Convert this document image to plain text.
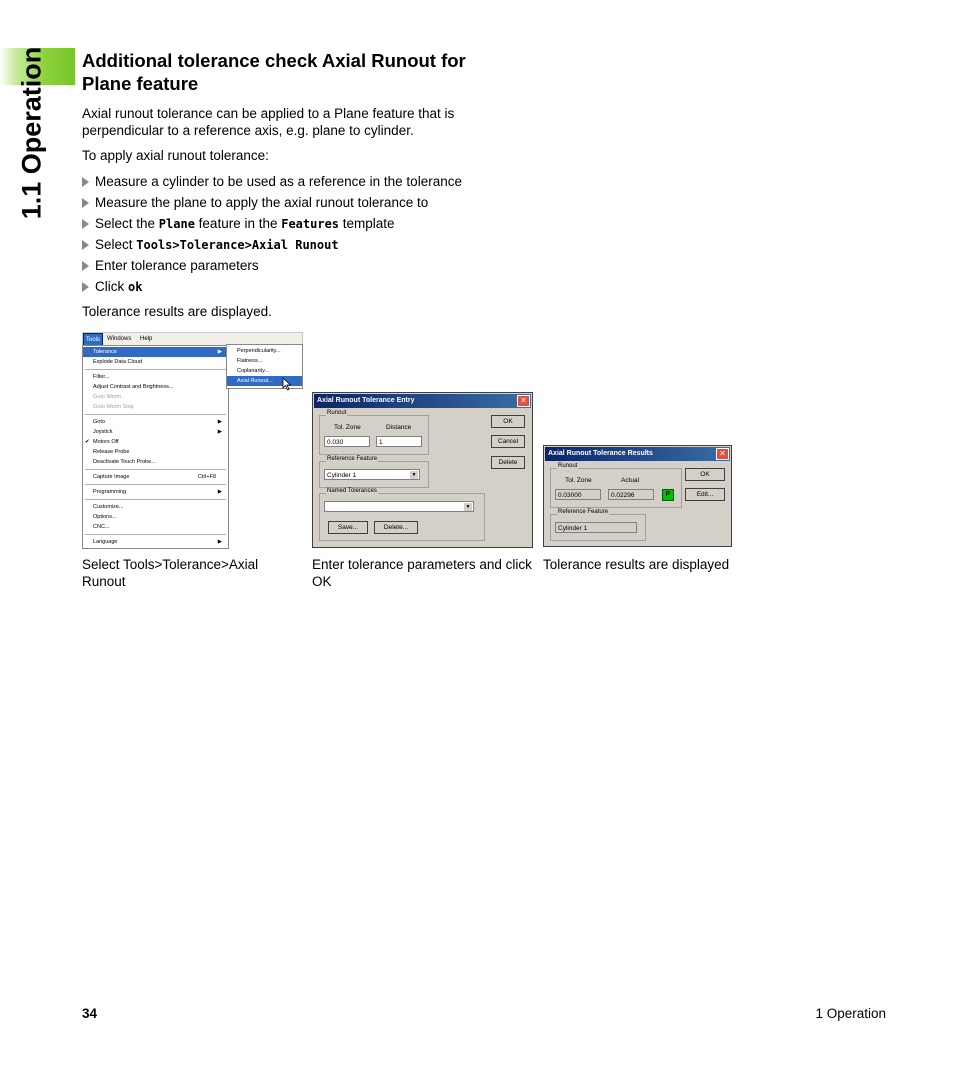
1.1 Operation Additional tolerance check Axial Runout for Plane feature
Axial runout tolerance can be applied to a Plane feature that is perpendicular to a reference axis, e.g. plane to cylinder.
To apply axial runout tolerance:
Measure a cylinder to be used as a reference in the tolerance
Measure the plane to apply the axial runout tolerance to
Select the Plane feature in the Features template
Select Tools>Tolerance>Axial Runout
Enter tolerance parameters
Click ok
Tolerance results are displayed.
Tools	Windows Help
Tolerance	▶
Explode Data Cloud
Filter...
Adjust Contrast and Brightness...
Goto Worm
Goto Worm Stop
Goto	▶
Joystick	▶
✔ Motors Off
Release Probe
Deactivate Touch Probe...
Capture Image	Ctrl+F8
Programming	▶
Customize...
Options...
CNC...
Language	▶
Perpendicularity...
Flatness...
Coplanarity...
Axial Runout...
Axial Runout Tolerance Entry	✕
Runout
Tol. Zone	Distance
0.030	1
Reference Feature
Cylinder 1	▼
Named Tolerances
▼
Save...	Delete...
OK
Cancel
Delete
Axial Runout Tolerance Results	✕
Runout
Tol. Zone	Actual
0.03000	0.02296	P
Reference Feature
Cylinder 1
OK
Edit...
Select Tools>Tolerance>Axial Runout
Enter tolerance parameters and click OK
Tolerance results are displayed
34	1 Operation
